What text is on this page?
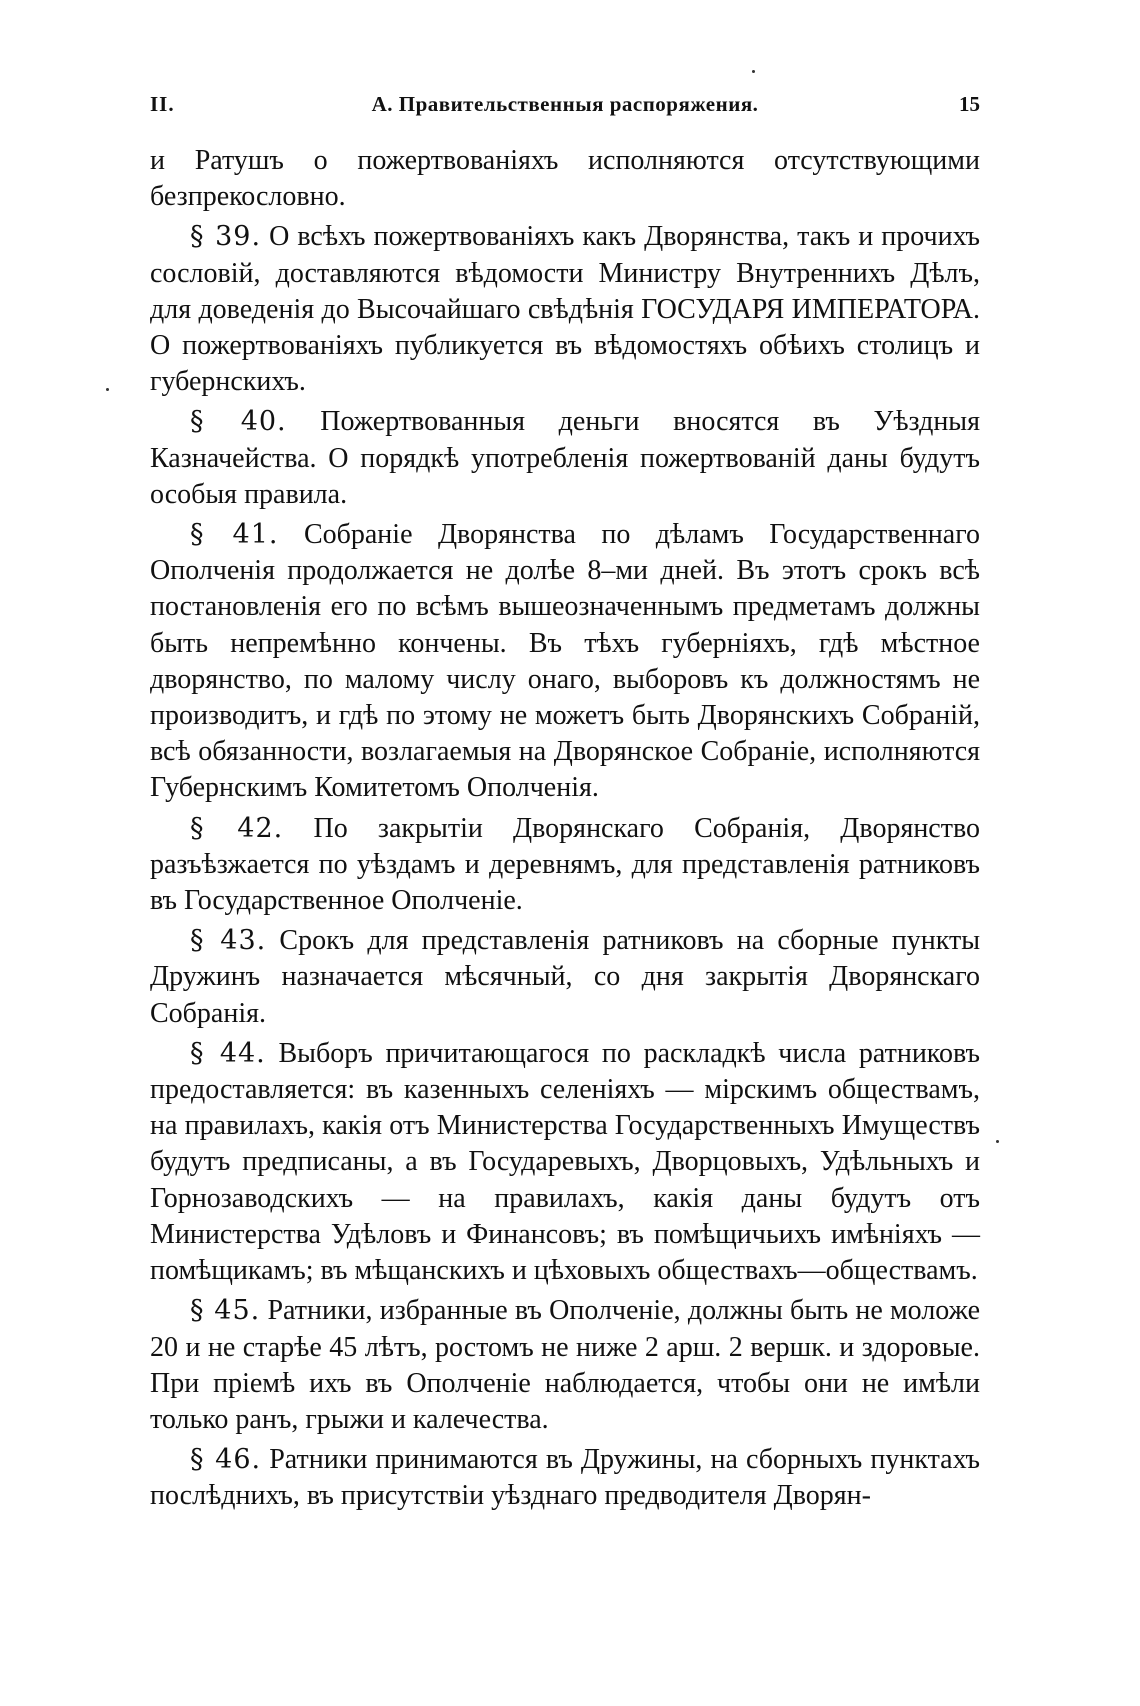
II.	А. Правительственныя распоряжения.	15

и Ратушъ о пожертвованіяхъ исполняются отсутствующими безпрекословно.

§ 39. О всѣхъ пожертвованіяхъ какъ Дворянства, такъ и прочихъ сословій, доставляются вѣдомости Министру Внутреннихъ Дѣлъ, для доведенія до Высочайшаго свѣдѣнія ГОСУДАРЯ ИМПЕРАТОРА. О пожертвованіяхъ публикуется въ вѣдомостяхъ обѣихъ столицъ и губернскихъ.

§ 40. Пожертвованныя деньги вносятся въ Уѣздныя Казначейства. О порядкѣ употребленія пожертвованій даны будутъ особыя правила.

§ 41. Собраніе Дворянства по дѣламъ Государственнаго Ополченія продолжается не долѣе 8–ми дней. Въ этотъ срокъ всѣ постановленія его по всѣмъ вышеозначеннымъ предметамъ должны быть непремѣнно кончены. Въ тѣхъ губерніяхъ, гдѣ мѣстное дворянство, по малому числу онаго, выборовъ къ должностямъ не производитъ, и гдѣ по этому не можетъ быть Дворянскихъ Собраній, всѣ обязанности, возлагаемыя на Дворянское Собраніе, исполняются Губернскимъ Комитетомъ Ополченія.

§ 42. По закрытіи Дворянскаго Собранія, Дворянство разъѣзжается по уѣздамъ и деревнямъ, для представленія ратниковъ въ Государственное Ополченіе.

§ 43. Срокъ для представленія ратниковъ на сборные пункты Дружинъ назначается мѣсячный, со дня закрытія Дворянскаго Собранія.

§ 44. Выборъ причитающагося по раскладкѣ числа ратниковъ предоставляется: въ казенныхъ селеніяхъ — мірскимъ обществамъ, на правилахъ, какія отъ Министерства Государственныхъ Имуществъ будутъ предписаны, а въ Государевыхъ, Дворцовыхъ, Удѣльныхъ и Горнозаводскихъ — на правилахъ, какія даны будутъ отъ Министерства Удѣловъ и Финансовъ; въ помѣщичьихъ имѣніяхъ — помѣщикамъ; въ мѣщанскихъ и цѣховыхъ обществахъ—обществамъ.

§ 45. Ратники, избранные въ Ополченіе, должны быть не моложе 20 и не старѣе 45 лѣтъ, ростомъ не ниже 2 арш. 2 вершк. и здоровые. При пріемѣ ихъ въ Ополченіе наблюдается, чтобы они не имѣли только ранъ, грыжи и калечества.

§ 46. Ратники принимаются въ Дружины, на сборныхъ пунктахъ послѣднихъ, въ присутствіи уѣзднаго предводителя Дворян-
